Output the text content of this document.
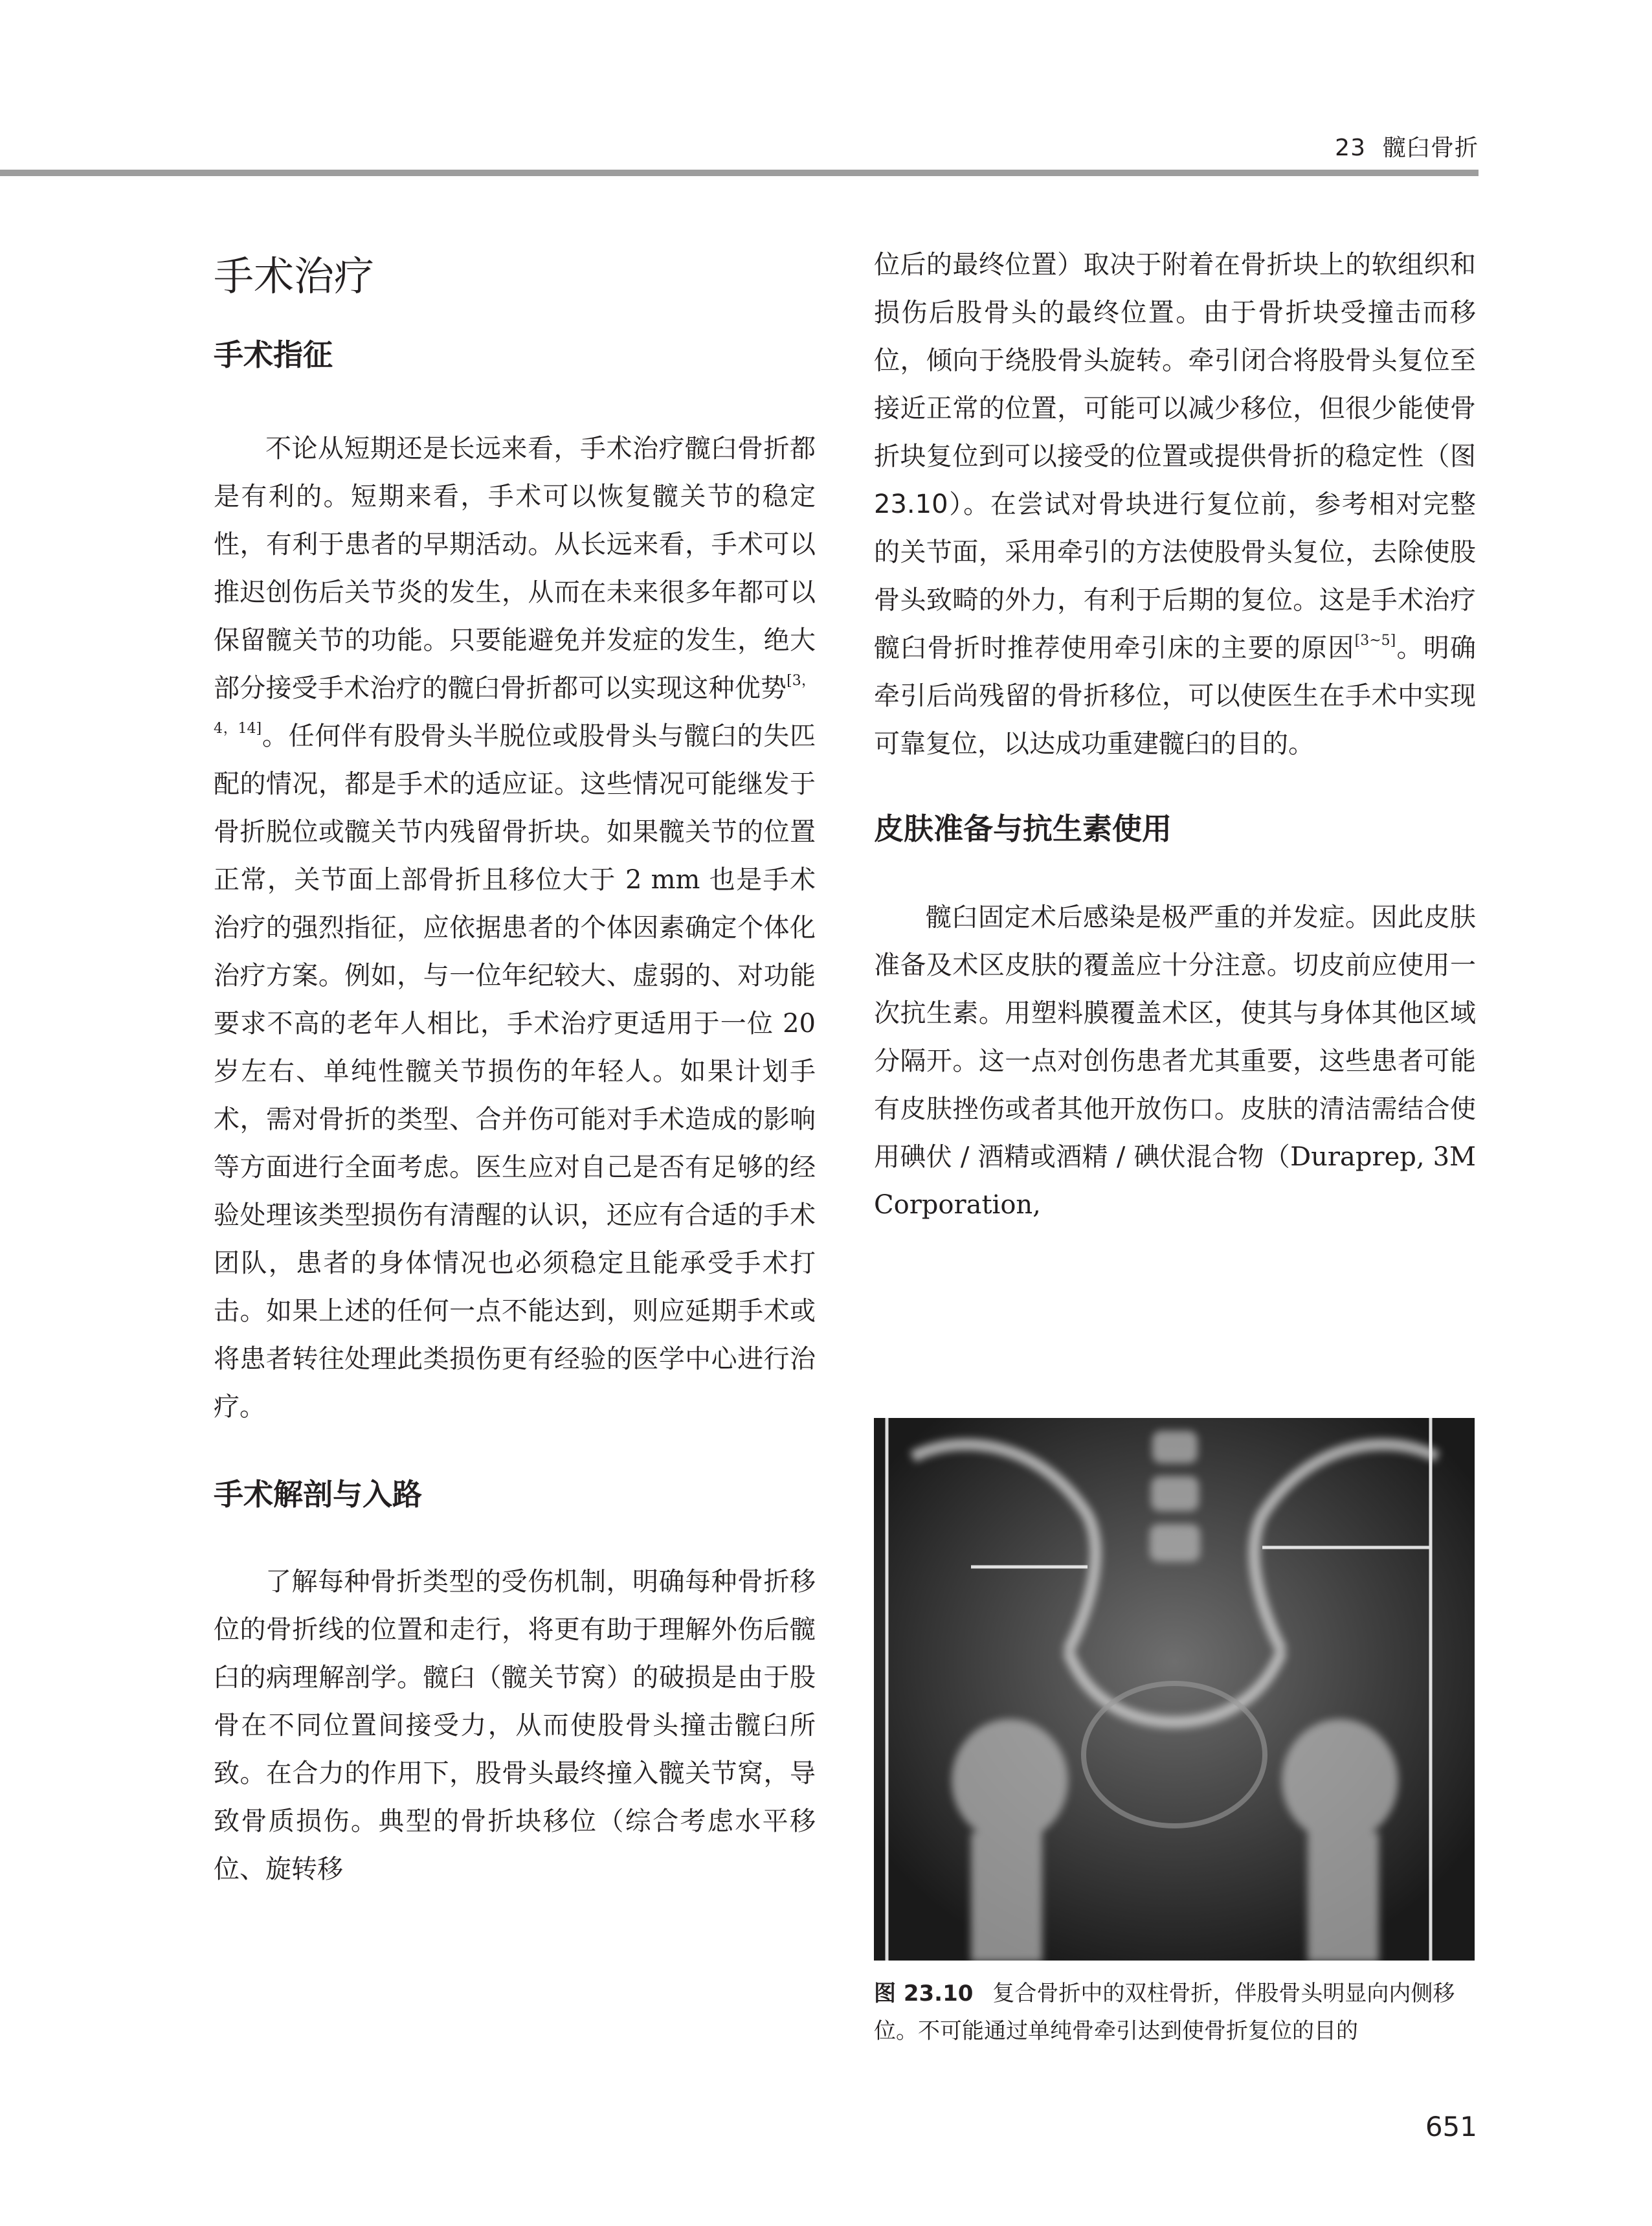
23 髋臼骨折
手术治疗
手术指征

不论从短期还是长远来看，手术治疗髋臼骨折都是有利的。短期来看，手术可以恢复髋关节的稳定性，有利于患者的早期活动。从长远来看，手术可以推迟创伤后关节炎的发生，从而在未来很多年都可以保留髋关节的功能。只要能避免并发症的发生，绝大部分接受手术治疗的髋臼骨折都可以实现这种优势[3，4，14]。任何伴有股骨头半脱位或股骨头与髋臼的失匹配的情况，都是手术的适应证。这些情况可能继发于骨折脱位或髋关节内残留骨折块。如果髋关节的位置正常，关节面上部骨折且移位大于 2 mm 也是手术治疗的强烈指征，应依据患者的个体因素确定个体化治疗方案。例如，与一位年纪较大、虚弱的、对功能要求不高的老年人相比，手术治疗更适用于一位 20 岁左右、单纯性髋关节损伤的年轻人。如果计划手术，需对骨折的类型、合并伤可能对手术造成的影响等方面进行全面考虑。医生应对自己是否有足够的经验处理该类型损伤有清醒的认识，还应有合适的手术团队，患者的身体情况也必须稳定且能承受手术打击。如果上述的任何一点不能达到，则应延期手术或将患者转往处理此类损伤更有经验的医学中心进行治疗。

手术解剖与入路

了解每种骨折类型的受伤机制，明确每种骨折移位的骨折线的位置和走行，将更有助于理解外伤后髋臼的病理解剖学。髋臼（髋关节窝）的破损是由于股骨在不同位置间接受力，从而使股骨头撞击髋臼所致。在合力的作用下，股骨头最终撞入髋关节窝，导致骨质损伤。典型的骨折块移位（综合考虑水平移位、旋转移

位后的最终位置）取决于附着在骨折块上的软组织和损伤后股骨头的最终位置。由于骨折块受撞击而移位，倾向于绕股骨头旋转。牵引闭合将股骨头复位至接近正常的位置，可能可以减少移位，但很少能使骨折块复位到可以接受的位置或提供骨折的稳定性（图 23.10）。在尝试对骨块进行复位前，参考相对完整的关节面，采用牵引的方法使股骨头复位，去除使股骨头致畸的外力，有利于后期的复位。这是手术治疗髋臼骨折时推荐使用牵引床的主要的原因[3~5]。明确牵引后尚残留的骨折移位，可以使医生在手术中实现可靠复位，以达成功重建髋臼的目的。

皮肤准备与抗生素使用

髋臼固定术后感染是极严重的并发症。因此皮肤准备及术区皮肤的覆盖应十分注意。切皮前应使用一次抗生素。用塑料膜覆盖术区，使其与身体其他区域分隔开。这一点对创伤患者尤其重要，这些患者可能有皮肤挫伤或者其他开放伤口。皮肤的清洁需结合使用碘伏 / 酒精或酒精 / 碘伏混合物（Duraprep, 3M Corporation,

图 23.10 复合骨折中的双柱骨折，伴股骨头明显向内侧移位。不可能通过单纯骨牵引达到使骨折复位的目的
651
